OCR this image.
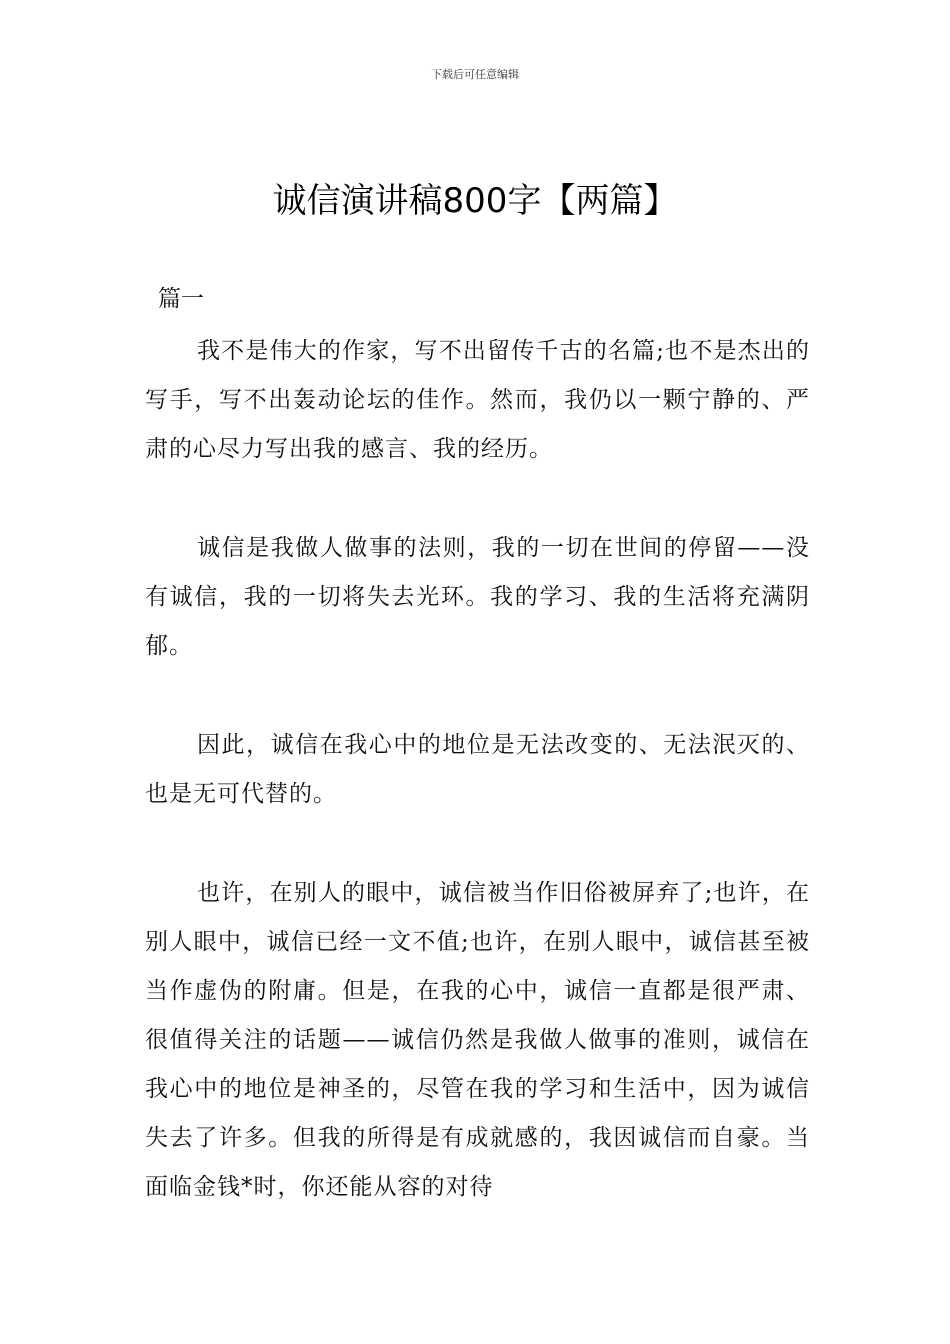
下载后可任意编辑
诚信演讲稿800字【两篇】
篇一

我不是伟大的作家，写不出留传千古的名篇;也不是杰出的写手，写不出轰动论坛的佳作。然而，我仍以一颗宁静的、严肃的心尽力写出我的感言、我的经历。

诚信是我做人做事的法则，我的一切在世间的停留——没有诚信，我的一切将失去光环。我的学习、我的生活将充满阴郁。

因此，诚信在我心中的地位是无法改变的、无法泯灭的、也是无可代替的。

也许，在别人的眼中，诚信被当作旧俗被屏弃了;也许，在别人眼中，诚信已经一文不值;也许，在别人眼中，诚信甚至被当作虚伪的附庸。但是，在我的心中，诚信一直都是很严肃、很值得关注的话题——诚信仍然是我做人做事的准则，诚信在我心中的地位是神圣的，尽管在我的学习和生活中，因为诚信失去了许多。但我的所得是有成就感的，我因诚信而自豪。当面临金钱*时，你还能从容的对待
